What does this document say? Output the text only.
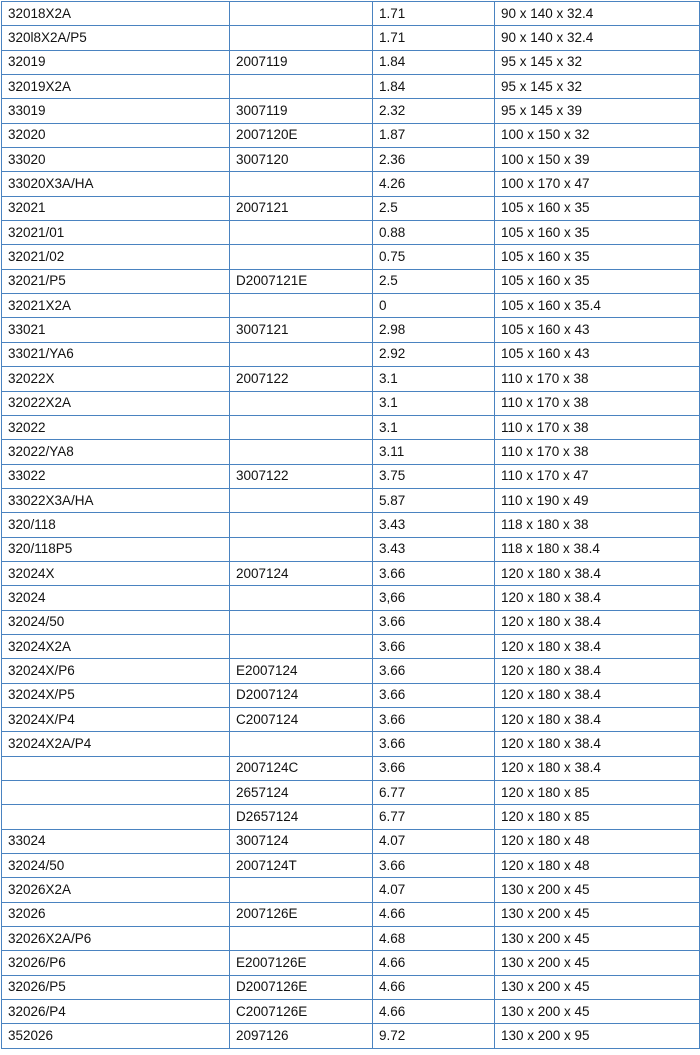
32018X2A		1.71	90 x 140 x 32.4
320l8X2A/P5		1.71	90 x 140 x 32.4
32019	2007119	1.84	95 x 145 x 32
32019X2A		1.84	95 x 145 x 32
33019	3007119	2.32	95 x 145 x 39
32020	2007120E	1.87	100 x 150 x 32
33020	3007120	2.36	100 x 150 x 39
33020X3A/HA		4.26	100 x 170 x 47
32021	2007121	2.5	105 x 160 x 35
32021/01		0.88	105 x 160 x 35
32021/02		0.75	105 x 160 x 35
32021/P5	D2007121E	2.5	105 x 160 x 35
32021X2A		0	105 x 160 x 35.4
33021	3007121	2.98	105 x 160 x 43
33021/YA6		2.92	105 x 160 x 43
32022X	2007122	3.1	110 x 170 x 38
32022X2A		3.1	110 x 170 x 38
32022		3.1	110 x 170 x 38
32022/YA8		3.11	110 x 170 x 38
33022	3007122	3.75	110 x 170 x 47
33022X3A/HA		5.87	110 x 190 x 49
320/118		3.43	118 x 180 x 38
320/118P5		3.43	118 x 180 x 38.4
32024X	2007124	3.66	120 x 180 x 38.4
32024		3,66	120 x 180 x 38.4
32024/50		3.66	120 x 180 x 38.4
32024X2A		3.66	120 x 180 x 38.4
32024X/P6	E2007124	3.66	120 x 180 x 38.4
32024X/P5	D2007124	3.66	120 x 180 x 38.4
32024X/P4	C2007124	3.66	120 x 180 x 38.4
32024X2A/P4		3.66	120 x 180 x 38.4
	2007124C	3.66	120 x 180 x 38.4
	2657124	6.77	120 x 180 x 85
	D2657124	6.77	120 x 180 x 85
33024	3007124	4.07	120 x 180 x 48
32024/50	2007124T	3.66	120 x 180 x 48
32026X2A		4.07	130 x 200 x 45
32026	2007126E	4.66	130 x 200 x 45
32026X2A/P6		4.68	130 x 200 x 45
32026/P6	E2007126E	4.66	130 x 200 x 45
32026/P5	D2007126E	4.66	130 x 200 x 45
32026/P4	C2007126E	4.66	130 x 200 x 45
352026	2097126	9.72	130 x 200 x 95
